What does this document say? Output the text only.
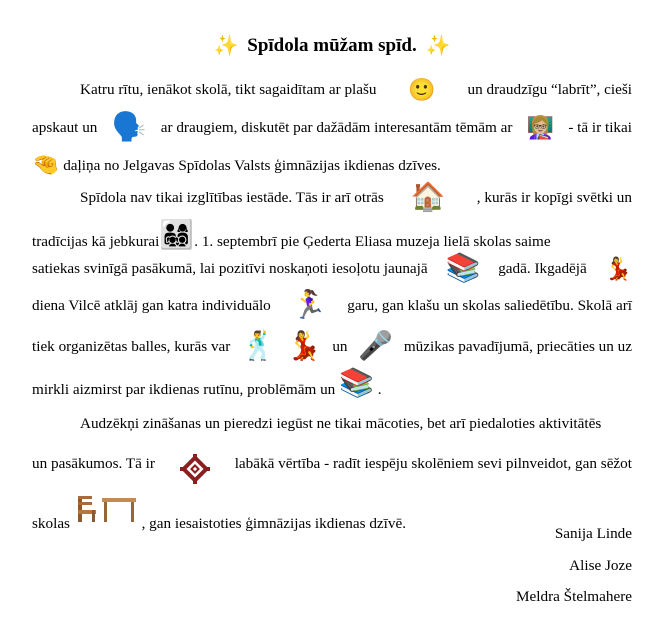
✨ Spīdola mūžam spīd. ✨
Katru rītu, ienākot skolā, tikt sagaidītam ar plašu 🙂 un draudzīgu “labrīt”, cieši
apskaut un 🗣️ ar draugiem, diskutēt par dažādām interesantām tēmām ar 👩🏼‍🏫 - tā ir tikai
🤏 daļiņa no Jelgavas Spīdolas Valsts ģimnāzijas ikdienas dzīves.
Spīdola nav tikai izglītības iestāde. Tās ir arī otrās 🏠 , kurās ir kopīgi svētki un
tradīcijas kā jebkurai👨‍👩‍👧‍👦. 1. septembrī pie Ģederta Eliasa muzeja lielā skolas saime
satiekas svinīgā pasākumā, lai pozitīvi noskaņoti iesoļotu jaunajā 📚 gadā. Ikgadējā 💃
diena Vilcē atklāj gan katra individuālo 🏃‍♀️ garu, gan klašu un skolas saliedētību. Skolā arī
tiek organizētas balles, kurās var 🕺 💃 un 🎤 mūzikas pavadījumā, priecāties un uz
mirkli aizmirst par ikdienas rutīnu, problēmām un 📚 .
Audzēkņi zināšanas un pieredzi iegūst ne tikai mācoties, bet arī piedaloties aktivitātēs
un pasākumos. Tā ir	labākā vērtība - radīt iespēju skolēniem sevi pilnveidot, gan sēžot
skolas	, gan iesaistoties ģimnāzijas ikdienas dzīvē.
Sanija Linde
Alise Joze
Meldra Štelmahere
